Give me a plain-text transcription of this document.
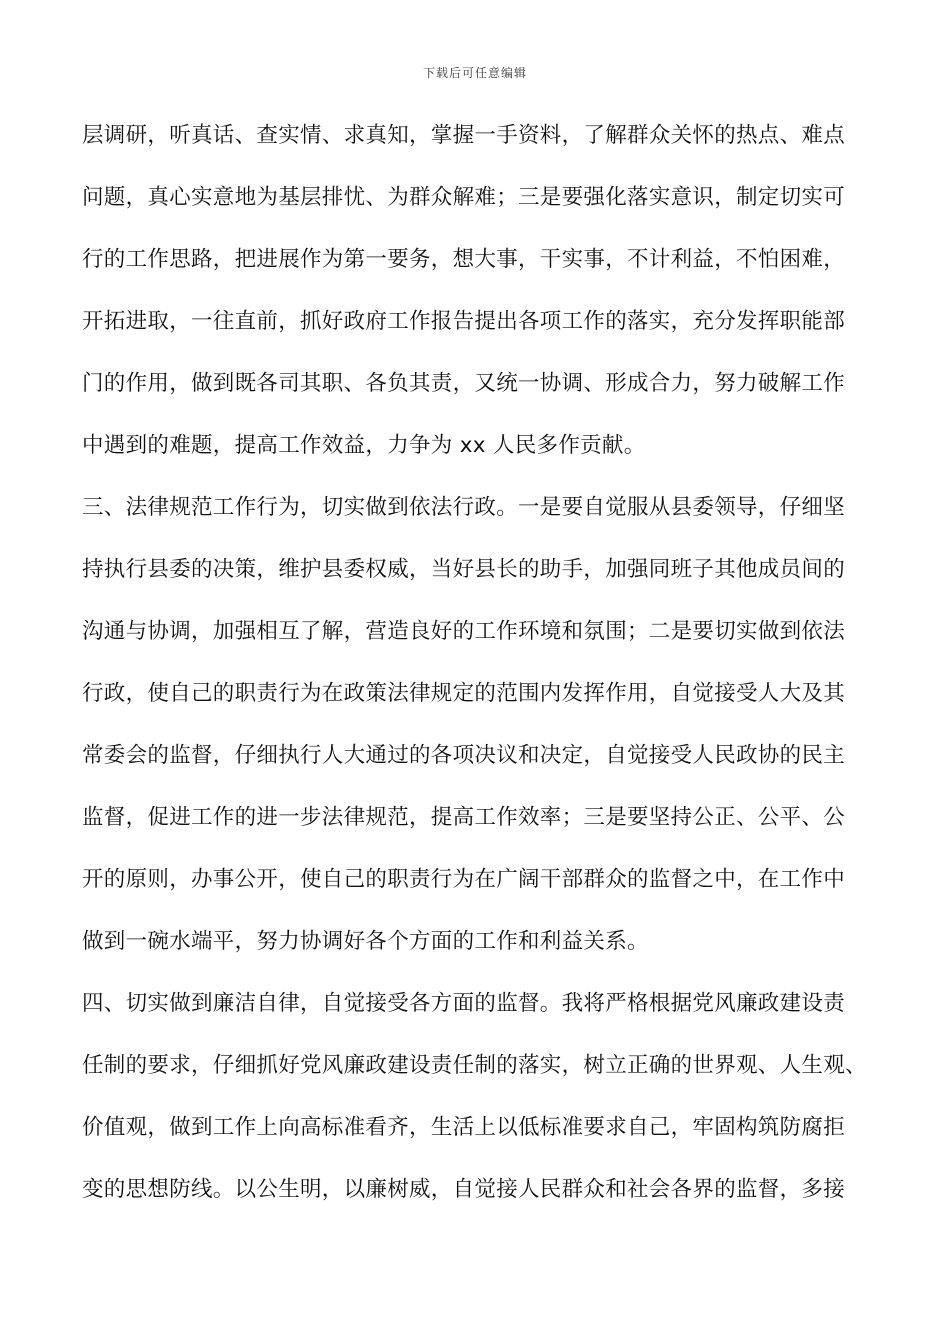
下载后可任意编辑
层调研，听真话、查实情、求真知，掌握一手资料，了解群众关怀的热点、难点
问题，真心实意地为基层排忧、为群众解难；三是要强化落实意识，制定切实可
行的工作思路，把进展作为第一要务，想大事，干实事，不计利益，不怕困难，
开拓进取，一往直前，抓好政府工作报告提出各项工作的落实，充分发挥职能部
门的作用，做到既各司其职、各负其责，又统一协调、形成合力，努力破解工作
中遇到的难题，提高工作效益，力争为 xx 人民多作贡献。
三、法律规范工作行为，切实做到依法行政。一是要自觉服从县委领导，仔细坚
持执行县委的决策，维护县委权威，当好县长的助手，加强同班子其他成员间的
沟通与协调，加强相互了解，营造良好的工作环境和氛围；二是要切实做到依法
行政，使自己的职责行为在政策法律规定的范围内发挥作用，自觉接受人大及其
常委会的监督，仔细执行人大通过的各项决议和决定，自觉接受人民政协的民主
监督，促进工作的进一步法律规范，提高工作效率；三是要坚持公正、公平、公
开的原则，办事公开，使自己的职责行为在广阔干部群众的监督之中，在工作中
做到一碗水端平，努力协调好各个方面的工作和利益关系。
四、切实做到廉洁自律，自觉接受各方面的监督。我将严格根据党风廉政建设责
任制的要求，仔细抓好党风廉政建设责任制的落实，树立正确的世界观、人生观、
价值观，做到工作上向高标准看齐，生活上以低标准要求自己，牢固构筑防腐拒
变的思想防线。以公生明，以廉树威，自觉接人民群众和社会各界的监督，多接
